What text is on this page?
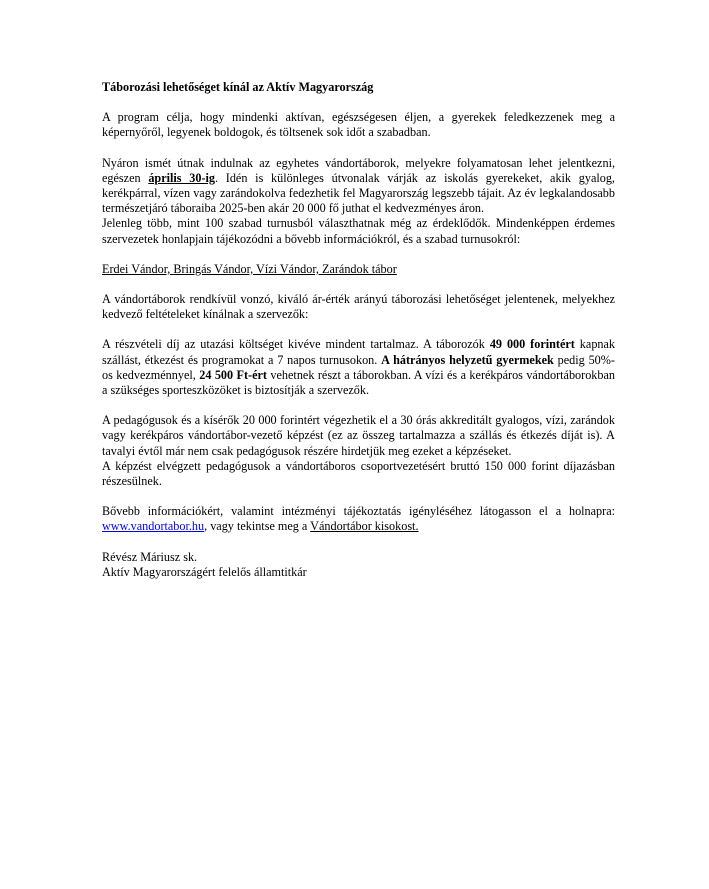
Táborozási lehetőséget kínál az Aktív Magyarország

A program célja, hogy mindenki aktívan, egészségesen éljen, a gyerekek feledkezzenek meg a képernyőről, legyenek boldogok, és töltsenek sok időt a szabadban.

Nyáron ismét útnak indulnak az egyhetes vándortáborok, melyekre folyamatosan lehet jelentkezni, egészen április 30-ig. Idén is különleges útvonalak várják az iskolás gyerekeket, akik gyalog, kerékpárral, vízen vagy zarándokolva fedezhetik fel Magyarország legszebb tájait. Az év legkalandosabb természetjáró táboraiba 2025-ben akár 20 000 fő juthat el kedvezményes áron.

Jelenleg több, mint 100 szabad turnusból választhatnak még az érdeklődők. Mindenképpen érdemes szervezetek honlapjain tájékozódni a bővebb információkról, és a szabad turnusokról:

Erdei Vándor, Bringás Vándor, Vízi Vándor, Zarándok tábor

A vándortáborok rendkívül vonzó, kiváló ár-érték arányú táborozási lehetőséget jelentenek, melyekhez kedvező feltételeket kínálnak a szervezők:

A részvételi díj az utazási költséget kivéve mindent tartalmaz. A táborozók 49 000 forintért kapnak szállást, étkezést és programokat a 7 napos turnusokon. A hátrányos helyzetű gyermekek pedig 50%-os kedvezménnyel, 24 500 Ft-ért vehetnek részt a táborokban. A vízi és a kerékpáros vándortáborokban a szükséges sporteszközöket is biztosítják a szervezők.

A pedagógusok és a kísérők 20 000 forintért végezhetik el a 30 órás akkreditált gyalogos, vízi, zarándok vagy kerékpáros vándortábor-vezető képzést (ez az összeg tartalmazza a szállás és étkezés díját is). A tavalyi évtől már nem csak pedagógusok részére hirdetjük meg ezeket a képzéseket.

A képzést elvégzett pedagógusok a vándortáboros csoportvezetésért bruttó 150 000 forint díjazásban részesülnek.

Bővebb információkért, valamint intézményi tájékoztatás igényléséhez látogasson el a holnapra: www.vandortabor.hu, vagy tekintse meg a Vándortábor kisokost.

Révész Máriusz sk.

Aktív Magyarországért felelős államtitkár
